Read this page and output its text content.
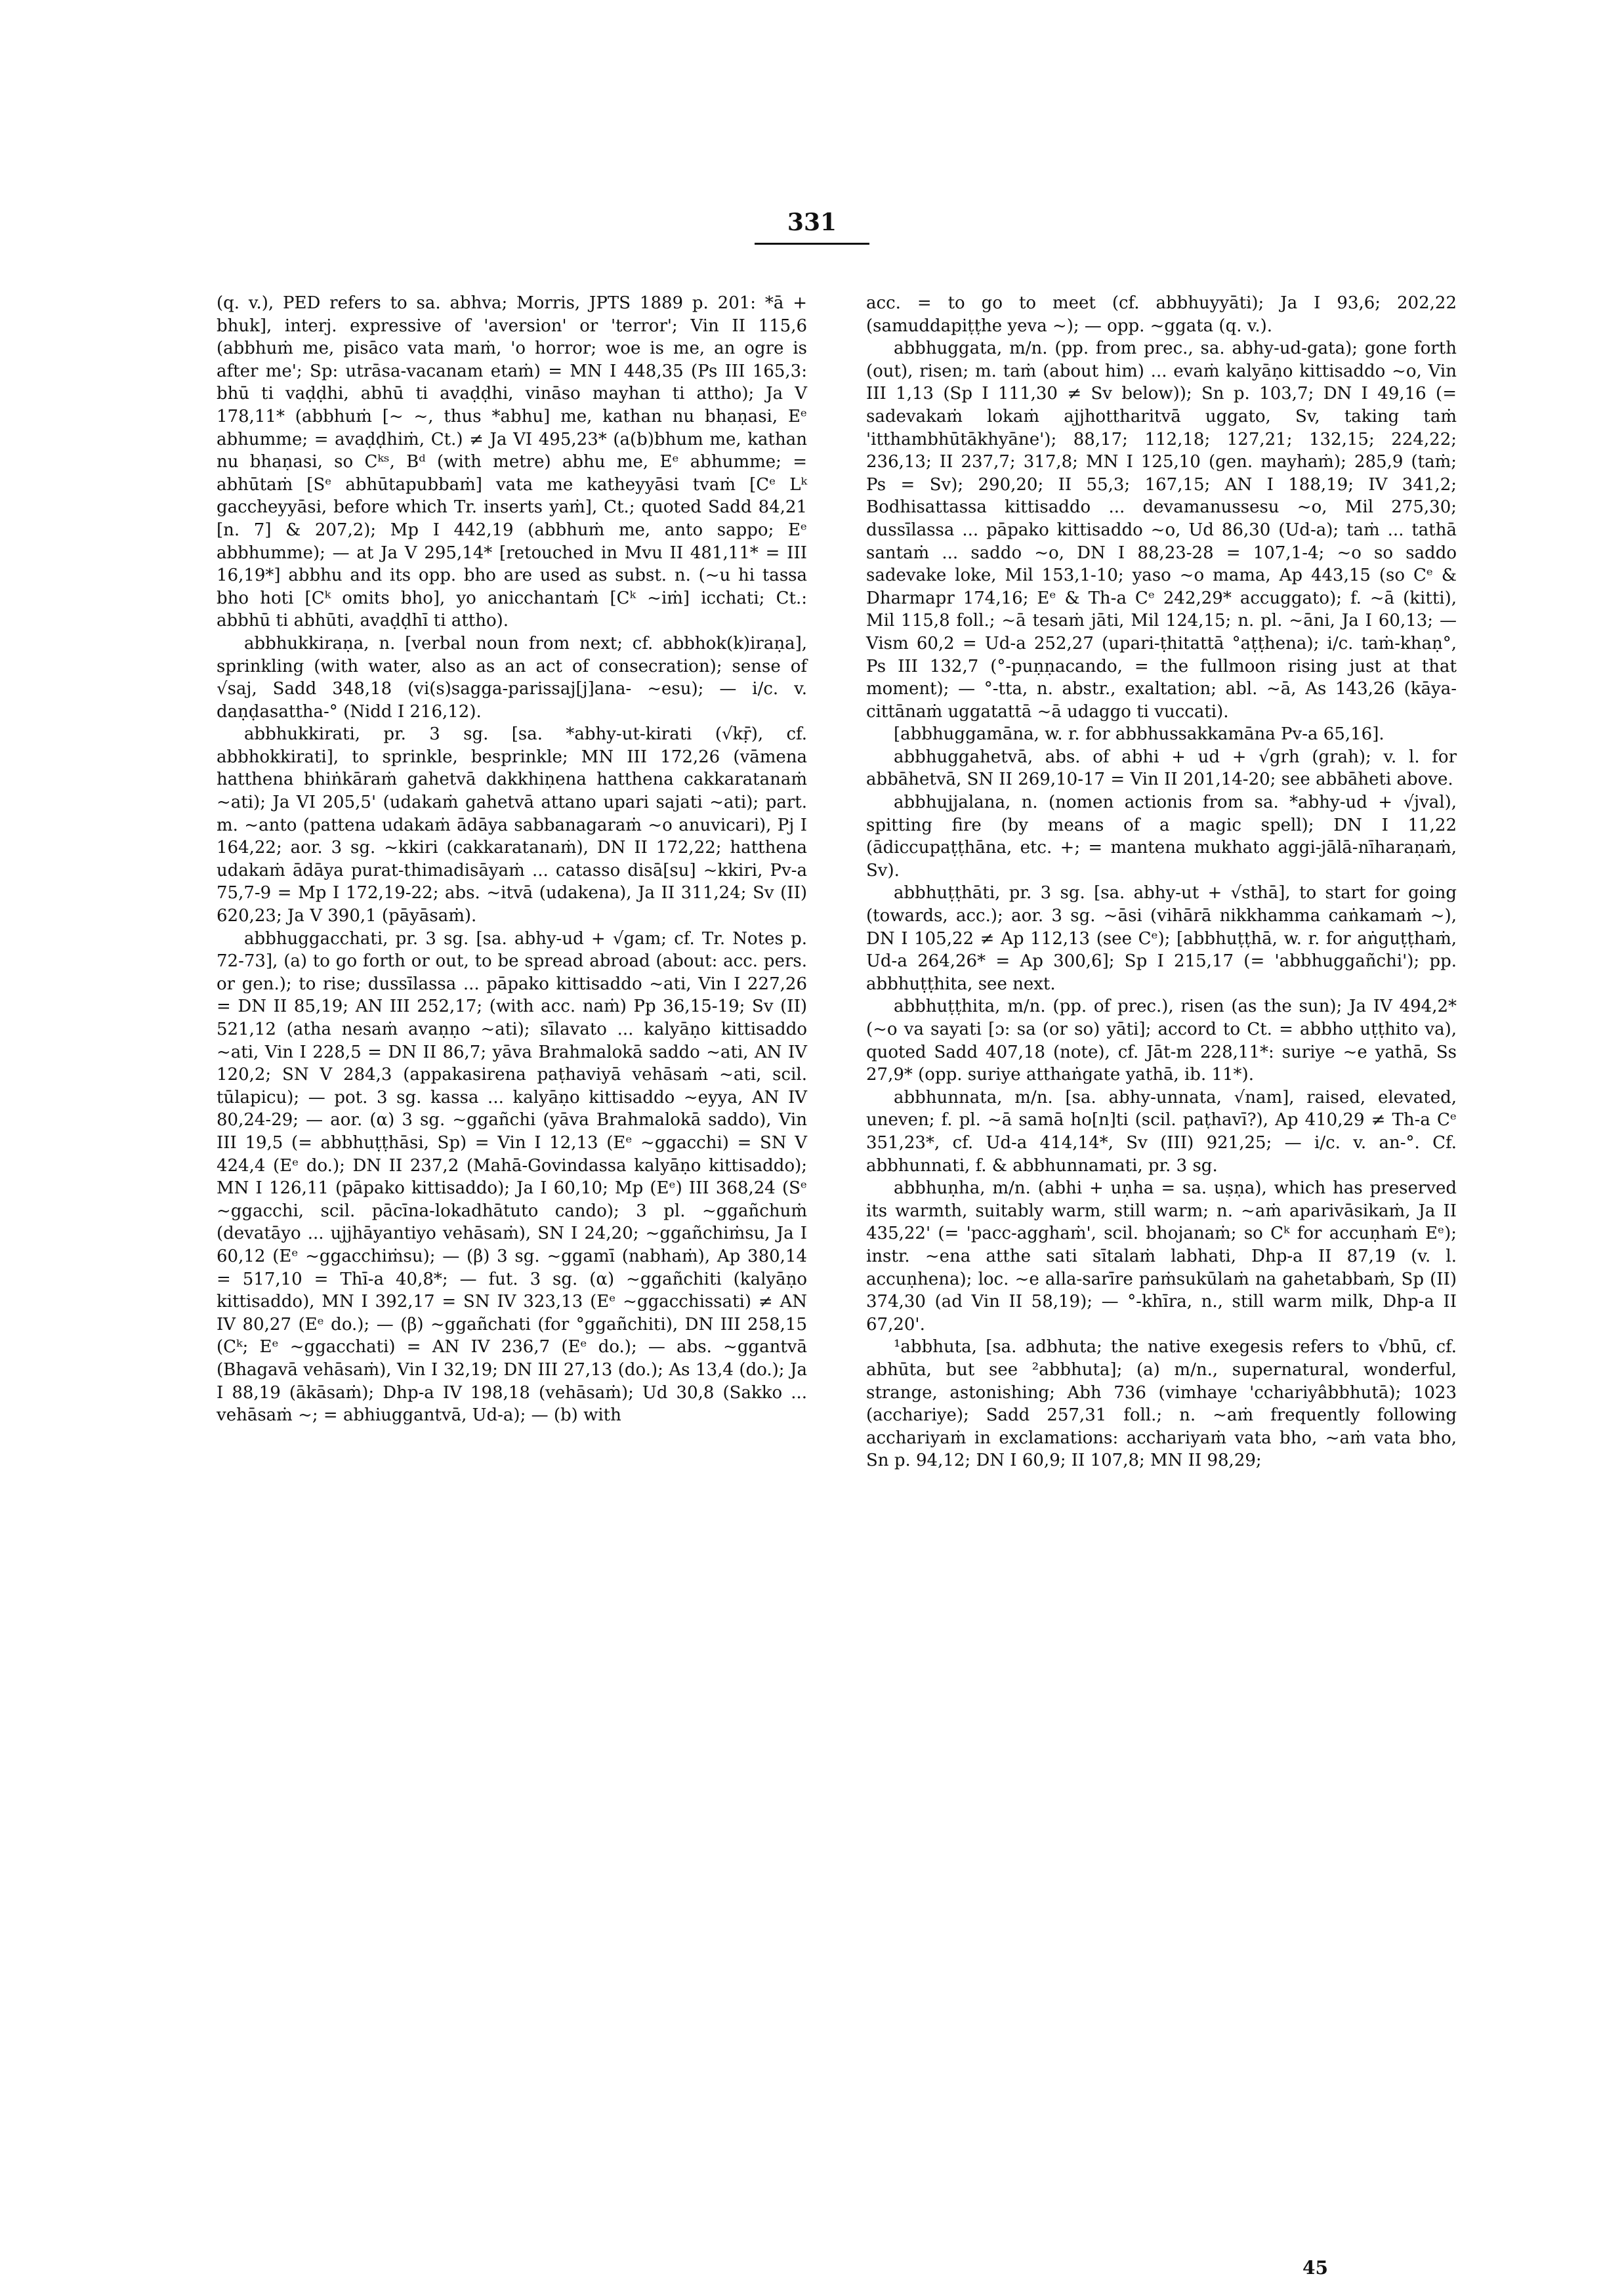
331

(q. v.), PED refers to sa. abhva; Morris, JPTS 1889 p. 201: *ā + bhuk], interj. expressive of 'aversion' or 'terror'; Vin II 115,6 (abbhuṁ me, pisāco vata maṁ, 'o horror; woe is me, an ogre is after me'; Sp: utrāsa-vacanam etaṁ) = MN I 448,35 (Ps III 165,3: bhū ti vaḍḍhi, abhū ti avaḍḍhi, vināso mayhan ti attho); Ja V 178,11* (abbhuṁ [~ ~, thus *abhu] me, kathan nu bhaṇasi, Eᵉ abhumme; = avaḍḍhiṁ, Ct.) ≠ Ja VI 495,23* (a(b)bhum me, kathan nu bhaṇasi, so Cᵏˢ, Bᵈ (with metre) abhu me, Eᵉ abhumme; = abhūtaṁ [Sᵉ abhūtapubbaṁ] vata me katheyyāsi tvaṁ [Cᵉ Lᵏ gaccheyyāsi, before which Tr. inserts yaṁ], Ct.; quoted Sadd 84,21 [n. 7] & 207,2); Mp I 442,19 (abbhuṁ me, anto sappo; Eᵉ abbhumme); — at Ja V 295,14* [retouched in Mvu II 481,11* = III 16,19*] abbhu and its opp. bho are used as subst. n. (~u hi tassa bho hoti [Cᵏ omits bho], yo anicchantaṁ [Cᵏ ~iṁ] icchati; Ct.: abbhū ti abhūti, avaḍḍhī ti attho).

abbhukkiraṇa, n. [verbal noun from next; cf. abbhok(k)iraṇa], sprinkling (with water, also as an act of consecration); sense of √saj, Sadd 348,18 (vi(s)sagga-parissaj[j]ana- ~esu); — i/c. v. daṇḍasattha-° (Nidd I 216,12).

abbhukkirati, pr. 3 sg. [sa. *abhy-ut-kirati (√kṝ), cf. abbhokkirati], to sprinkle, besprinkle; MN III 172,26 (vāmena hatthena bhiṅkāraṁ gahetvā dakkhiṇena hatthena cakkaratanaṁ ~ati); Ja VI 205,5' (udakaṁ gahetvā attano upari sajati ~ati); part. m. ~anto (pattena udakaṁ ādāya sabbanagaraṁ ~o anuvicari), Pj I 164,22; aor. 3 sg. ~kkiri (cakkaratanaṁ), DN II 172,22; hatthena udakaṁ ādāya purat-thimadisāyaṁ ... catasso disā[su] ~kkiri, Pv-a 75,7-9 = Mp I 172,19-22; abs. ~itvā (udakena), Ja II 311,24; Sv (II) 620,23; Ja V 390,1 (pāyāsaṁ).

abbhuggacchati, pr. 3 sg. [sa. abhy-ud + √gam; cf. Tr. Notes p. 72-73], (a) to go forth or out, to be spread abroad (about: acc. pers. or gen.); to rise; dussīlassa ... pāpako kittisaddo ~ati, Vin I 227,26 = DN II 85,19; AN III 252,17; (with acc. naṁ) Pp 36,15-19; Sv (II) 521,12 (atha nesaṁ avaṇṇo ~ati); sīlavato ... kalyāṇo kittisaddo ~ati, Vin I 228,5 = DN II 86,7; yāva Brahmalokā saddo ~ati, AN IV 120,2; SN V 284,3 (appakasirena paṭhaviyā vehāsaṁ ~ati, scil. tūlapicu); — pot. 3 sg. kassa ... kalyāṇo kittisaddo ~eyya, AN IV 80,24-29; — aor. (α) 3 sg. ~ggañchi (yāva Brahmalokā saddo), Vin III 19,5 (= abbhuṭṭhāsi, Sp) = Vin I 12,13 (Eᵉ ~ggacchi) = SN V 424,4 (Eᵉ do.); DN II 237,2 (Mahā-Govindassa kalyāṇo kittisaddo); MN I 126,11 (pāpako kittisaddo); Ja I 60,10; Mp (Eᵉ) III 368,24 (Sᵉ ~ggacchi, scil. pācīna-lokadhātuto cando); 3 pl. ~ggañchuṁ (devatāyo ... ujjhāyantiyo vehāsaṁ), SN I 24,20; ~ggañchiṁsu, Ja I 60,12 (Eᵉ ~ggacchiṁsu); — (β) 3 sg. ~ggamī (nabhaṁ), Ap 380,14 = 517,10 = Thī-a 40,8*; — fut. 3 sg. (α) ~ggañchiti (kalyāṇo kittisaddo), MN I 392,17 = SN IV 323,13 (Eᵉ ~ggacchissati) ≠ AN IV 80,27 (Eᵉ do.); — (β) ~ggañchati (for °ggañchiti), DN III 258,15 (Cᵏ; Eᵉ ~ggacchati) = AN IV 236,7 (Eᵉ do.); — abs. ~ggantvā (Bhagavā vehāsaṁ), Vin I 32,19; DN III 27,13 (do.); As 13,4 (do.); Ja I 88,19 (ākāsaṁ); Dhp-a IV 198,18 (vehāsaṁ); Ud 30,8 (Sakko ... vehāsaṁ ~; = abhiuggantvā, Ud-a); — (b) with

acc. = to go to meet (cf. abbhuyyāti); Ja I 93,6; 202,22 (samuddapiṭṭhe yeva ~); — opp. ~ggata (q. v.).

abbhuggata, m/n. (pp. from prec., sa. abhy-ud-gata); gone forth (out), risen; m. taṁ (about him) ... evaṁ kalyāṇo kittisaddo ~o, Vin III 1,13 (Sp I 111,30 ≠ Sv below)); Sn p. 103,7; DN I 49,16 (= sadevakaṁ lokaṁ ajjhottharitvā uggato, Sv, taking taṁ 'itthambhūtākhyāne'); 88,17; 112,18; 127,21; 132,15; 224,22; 236,13; II 237,7; 317,8; MN I 125,10 (gen. mayhaṁ); 285,9 (taṁ; Ps = Sv); 290,20; II 55,3; 167,15; AN I 188,19; IV 341,2; Bodhisattassa kittisaddo ... devamanussesu ~o, Mil 275,30; dussīlassa ... pāpako kittisaddo ~o, Ud 86,30 (Ud-a); taṁ ... tathā santaṁ ... saddo ~o, DN I 88,23-28 = 107,1-4; ~o so saddo sadevake loke, Mil 153,1-10; yaso ~o mama, Ap 443,15 (so Cᵉ & Dharmapr 174,16; Eᵉ & Th-a Cᵉ 242,29* accuggato); f. ~ā (kitti), Mil 115,8 foll.; ~ā tesaṁ jāti, Mil 124,15; n. pl. ~āni, Ja I 60,13; — Vism 60,2 = Ud-a 252,27 (upari-ṭhitattā °aṭṭhena); i/c. taṁ-khaṇ°, Ps III 132,7 (°-puṇṇacando, = the fullmoon rising just at that moment); — °-tta, n. abstr., exaltation; abl. ~ā, As 143,26 (kāya-cittānaṁ uggatattā ~ā udaggo ti vuccati).

[abbhuggamāna, w. r. for abbhussakkamāna Pv-a 65,16].

abbhuggahetvā, abs. of abhi + ud + √grh (grah); v. l. for abbāhetvā, SN II 269,10-17 = Vin II 201,14-20; see abbāheti above.

abbhujjalana, n. (nomen actionis from sa. *abhy-ud + √jval), spitting fire (by means of a magic spell); DN I 11,22 (ādiccupaṭṭhāna, etc. +; = mantena mukhato aggi-jālā-nīharaṇaṁ, Sv).

abbhuṭṭhāti, pr. 3 sg. [sa. abhy-ut + √sthā], to start for going (towards, acc.); aor. 3 sg. ~āsi (vihārā nikkhamma caṅkamaṁ ~), DN I 105,22 ≠ Ap 112,13 (see Cᵉ); [abbhuṭṭhā, w. r. for aṅguṭṭhaṁ, Ud-a 264,26* = Ap 300,6]; Sp I 215,17 (= 'abbhuggañchi'); pp. abbhuṭṭhita, see next.

abbhuṭṭhita, m/n. (pp. of prec.), risen (as the sun); Ja IV 494,2* (~o va sayati [ɔ: sa (or so) yāti]; accord to Ct. = abbho uṭṭhito va), quoted Sadd 407,18 (note), cf. Jāt-m 228,11*: suriye ~e yathā, Ss 27,9* (opp. suriye atthaṅgate yathā, ib. 11*).

abbhunnata, m/n. [sa. abhy-unnata, √nam], raised, elevated, uneven; f. pl. ~ā samā ho[n]ti (scil. paṭhavī?), Ap 410,29 ≠ Th-a Cᵉ 351,23*, cf. Ud-a 414,14*, Sv (III) 921,25; — i/c. v. an-°. Cf. abbhunnati, f. & abbhunnamati, pr. 3 sg.

abbhuṇha, m/n. (abhi + uṇha = sa. uṣṇa), which has preserved its warmth, suitably warm, still warm; n. ~aṁ aparivāsikaṁ, Ja II 435,22' (= 'pacc-agghaṁ', scil. bhojanaṁ; so Cᵏ for accuṇhaṁ Eᵉ); instr. ~ena atthe sati sītalaṁ labhati, Dhp-a II 87,19 (v. l. accuṇhena); loc. ~e alla-sarīre paṁsukūlaṁ na gahetabbaṁ, Sp (II) 374,30 (ad Vin II 58,19); — °-khīra, n., still warm milk, Dhp-a II 67,20'.

¹abbhuta, [sa. adbhuta; the native exegesis refers to √bhū, cf. abhūta, but see ²abbhuta]; (a) m/n., supernatural, wonderful, strange, astonishing; Abh 736 (vimhaye 'cchariyâbbhutā); 1023 (acchariye); Sadd 257,31 foll.; n. ~aṁ frequently following acchariyaṁ in exclamations: acchariyaṁ vata bho, ~aṁ vata bho, Sn p. 94,12; DN I 60,9; II 107,8; MN II 98,29;

45
